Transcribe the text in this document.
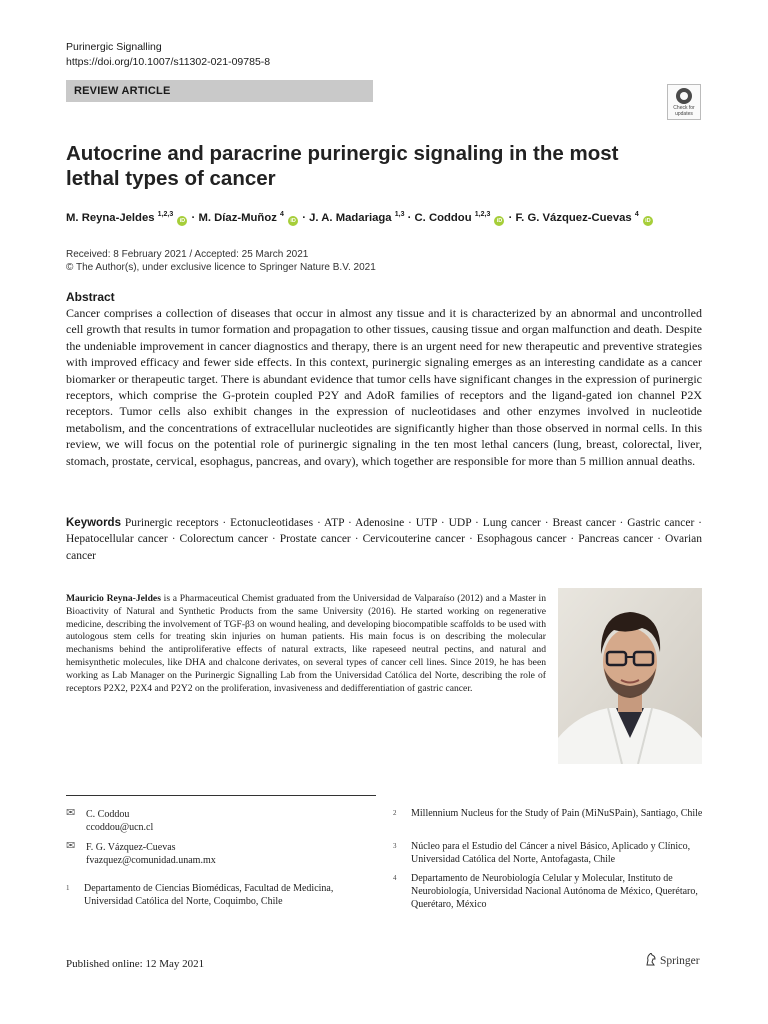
Purinergic Signalling
https://doi.org/10.1007/s11302-021-09785-8
REVIEW ARTICLE
Check for updates
Autocrine and paracrine purinergic signaling in the most lethal types of cancer
M. Reyna-Jeldes $^{1,2,3}$ iD · M. Díaz-Muñoz $^4$ iD · J. A. Madariaga $^{1,3}$ · C. Coddou $^{1,2,3}$ iD · F. G. Vázquez-Cuevas $^4$ iD
Received: 8 February 2021 / Accepted: 25 March 2021
© The Author(s), under exclusive licence to Springer Nature B.V. 2021
Abstract

Cancer comprises a collection of diseases that occur in almost any tissue and it is characterized by an abnormal and uncontrolled cell growth that results in tumor formation and propagation to other tissues, causing tissue and organ malfunction and death. Despite the undeniable improvement in cancer diagnostics and therapy, there is an urgent need for new therapeutic and preventive strategies with improved efficacy and fewer side effects. In this context, purinergic signaling emerges as an interesting candidate as a cancer biomarker or therapeutic target. There is abundant evidence that tumor cells have significant changes in the expression of purinergic receptors, which comprise the G-protein coupled P2Y and AdoR families of receptors and the ligand-gated ion channel P2X receptors. Tumor cells also exhibit changes in the expression of nucleotidases and other enzymes involved in nucleotide metabolism, and the concentrations of extracellular nucleotides are significantly higher than those observed in normal cells. In this review, we will focus on the potential role of purinergic signaling in the ten most lethal cancers (lung, breast, colorectal, liver, stomach, prostate, cervical, esophagus, pancreas, and ovary), which together are responsible for more than 5 million annual deaths.

Keywords Purinergic receptors · Ectonucleotidases · ATP · Adenosine · UTP · UDP · Lung cancer · Breast cancer · Gastric cancer · Hepatocellular cancer · Colorectum cancer · Prostate cancer · Cervicouterine cancer · Esophagous cancer · Pancreas cancer · Ovarian cancer
Mauricio Reyna-Jeldes is a Pharmaceutical Chemist graduated from the Universidad de Valparaíso (2012) and a Master in Bioactivity of Natural and Synthetic Products from the same University (2016). He started working on regenerative medicine, describing the involvement of TGF-β3 on wound healing, and developing biocompatible scaffolds to be used with autologous stem cells for treating skin injuries on human patients. His main focus is on describing the molecular mechanisms behind the antiproliferative effects of natural extracts, like rapeseed neutral pectins, and natural and hemisynthetic molecules, like DHA and chalcone derivates, on several types of cancer cell lines. Since 2019, he has been working as Lab Manager on the Purinergic Signalling Lab from the Universidad Católica del Norte, describing the role of receptors P2X2, P2X4 and P2Y2 on the proliferation, invasiveness and dedifferentiation of gastric cancer.
✉ C. Coddou
ccoddou@ucn.cl
✉ F. G. Vázquez-Cuevas
fvazquez@comunidad.unam.mx
1 Departamento de Ciencias Biomédicas, Facultad de Medicina, Universidad Católica del Norte, Coquimbo, Chile
2 Millennium Nucleus for the Study of Pain (MiNuSPain), Santiago, Chile
3 Núcleo para el Estudio del Cáncer a nivel Básico, Aplicado y Clínico, Universidad Católica del Norte, Antofagasta, Chile
4 Departamento de Neurobiología Celular y Molecular, Instituto de Neurobiología, Universidad Nacional Autónoma de México, Querétaro, Querétaro, México
Published online: 12 May 2021	Springer
